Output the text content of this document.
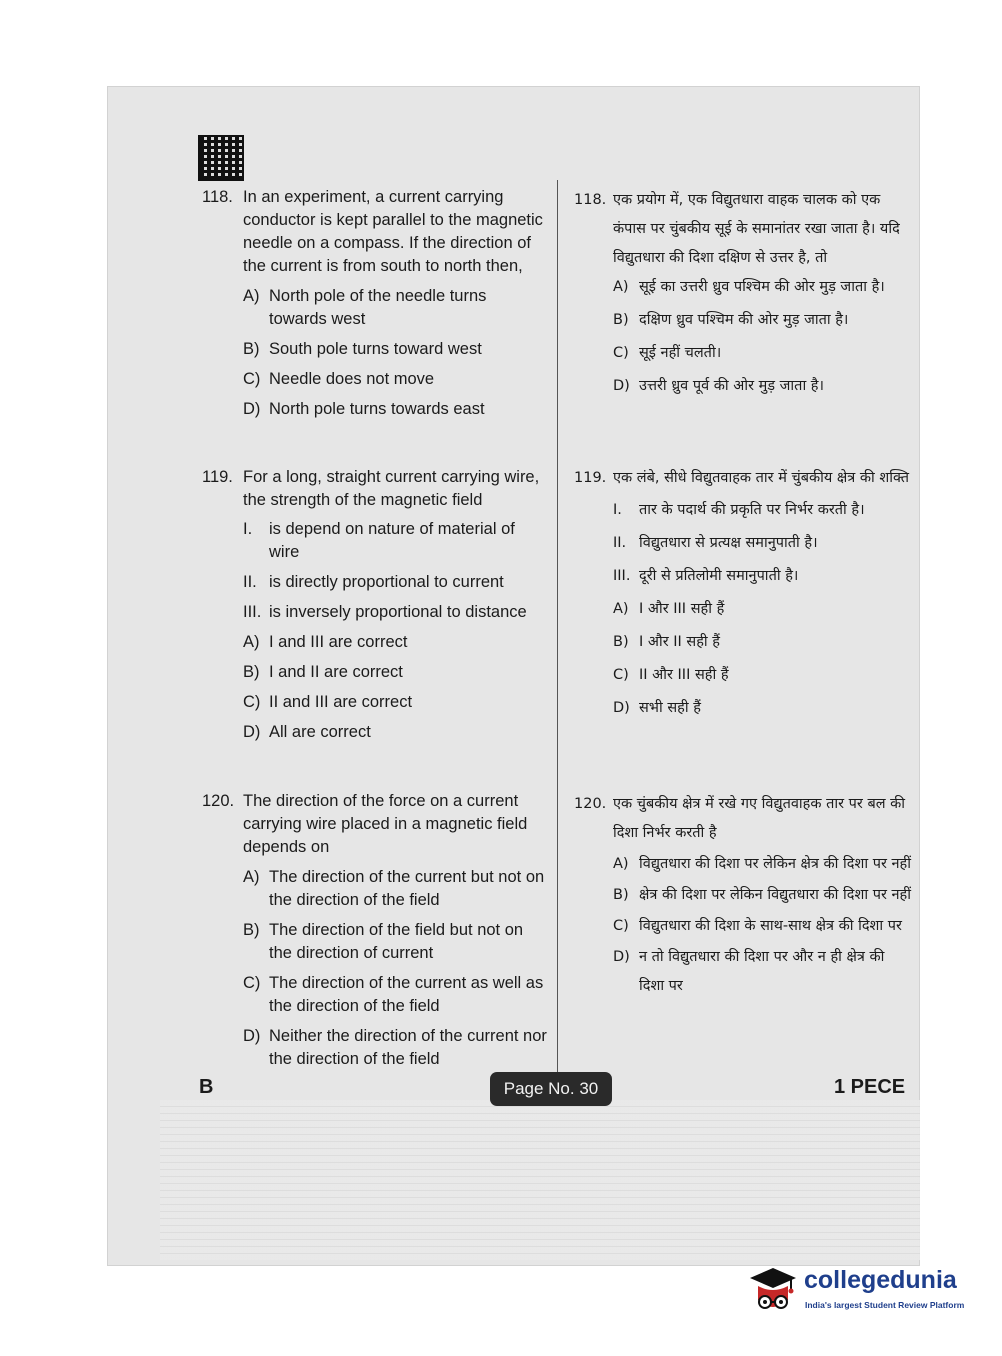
118. In an experiment, a current carrying conductor is kept parallel to the magnetic needle on a compass. If the direction of the current is from south to north then,
A) North pole of the needle turns towards west
B) South pole turns toward west
C) Needle does not move
D) North pole turns towards east
119. For a long, straight current carrying wire, the strength of the magnetic field
I.	is depend on nature of material of wire
II. is directly proportional to current
III. is inversely proportional to distance
A) I and III are correct
B) I and II are correct
C) II and III are correct
D) All are correct
120. The direction of the force on a current carrying wire placed in a magnetic field depends on
A) The direction of the current but not on the direction of the field
B) The direction of the field but not on the direction of current
C) The direction of the current as well as the direction of the field
D) Neither the direction of the current nor the direction of the field
118. एक प्रयोग में, एक विद्युतधारा वाहक चालक को एक कंपास पर चुंबकीय सूई के समानांतर रखा जाता है। यदि विद्युतधारा की दिशा दक्षिण से उत्तर है, तो
A) सूई का उत्तरी ध्रुव पश्चिम की ओर मुड़ जाता है।
B) दक्षिण ध्रुव पश्चिम की ओर मुड़ जाता है।
C) सूई नहीं चलती।
D) उत्तरी ध्रुव पूर्व की ओर मुड़ जाता है।
119. एक लंबे, सीधे विद्युतवाहक तार में चुंबकीय क्षेत्र की शक्ति
I.	तार के पदार्थ की प्रकृति पर निर्भर करती है।
II. विद्युतधारा से प्रत्यक्ष समानुपाती है।
III. दूरी से प्रतिलोमी समानुपाती है।
A) I और III सही हैं
B) I और II सही हैं
C) II और III सही हैं
D) सभी सही हैं
120. एक चुंबकीय क्षेत्र में रखे गए विद्युतवाहक तार पर बल की दिशा निर्भर करती है
A) विद्युतधारा की दिशा पर लेकिन क्षेत्र की दिशा पर नहीं
B) क्षेत्र की दिशा पर लेकिन विद्युतधारा की दिशा पर नहीं
C) विद्युतधारा की दिशा के साथ-साथ क्षेत्र की दिशा पर
D) न तो विद्युतधारा की दिशा पर और न ही क्षेत्र की दिशा पर
B	Page No. 30	1 PECE
collegedunia
India's largest Student Review Platform
